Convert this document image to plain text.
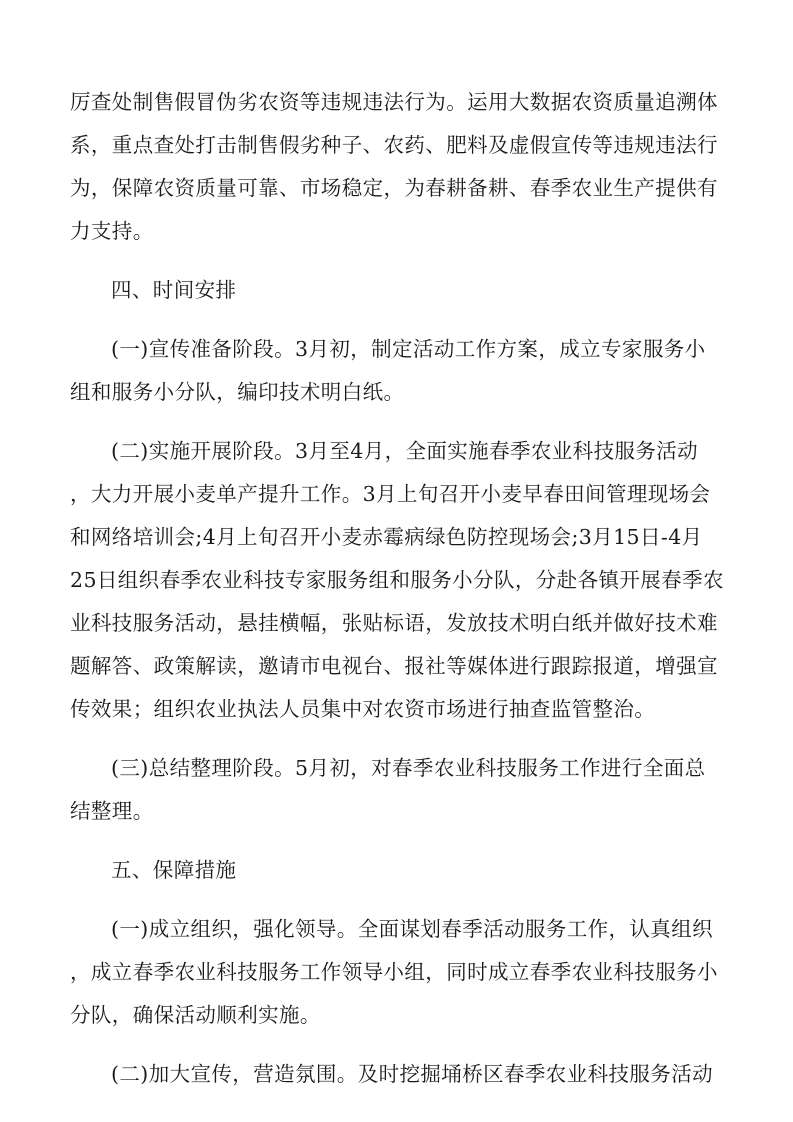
厉查处制售假冒伪劣农资等违规违法行为。运用大数据农资质量追溯体
系，重点查处打击制售假劣种子、农药、肥料及虚假宣传等违规违法行
为，保障农资质量可靠、市场稳定，为春耕备耕、春季农业生产提供有
力支持。
四、时间安排
(一)宣传准备阶段。3月初，制定活动工作方案，成立专家服务小
组和服务小分队，编印技术明白纸。
(二)实施开展阶段。3月至4月，全面实施春季农业科技服务活动
，大力开展小麦单产提升工作。3月上旬召开小麦早春田间管理现场会
和网络培训会;4月上旬召开小麦赤霉病绿色防控现场会;3月15日-4月
25日组织春季农业科技专家服务组和服务小分队，分赴各镇开展春季农
业科技服务活动，悬挂横幅，张贴标语，发放技术明白纸并做好技术难
题解答、政策解读，邀请市电视台、报社等媒体进行跟踪报道，增强宣
传效果；组织农业执法人员集中对农资市场进行抽查监管整治。
(三)总结整理阶段。5月初，对春季农业科技服务工作进行全面总
结整理。
五、保障措施
(一)成立组织，强化领导。全面谋划春季活动服务工作，认真组织
，成立春季农业科技服务工作领导小组，同时成立春季农业科技服务小
分队，确保活动顺利实施。
(二)加大宣传，营造氛围。及时挖掘埇桥区春季农业科技服务活动
